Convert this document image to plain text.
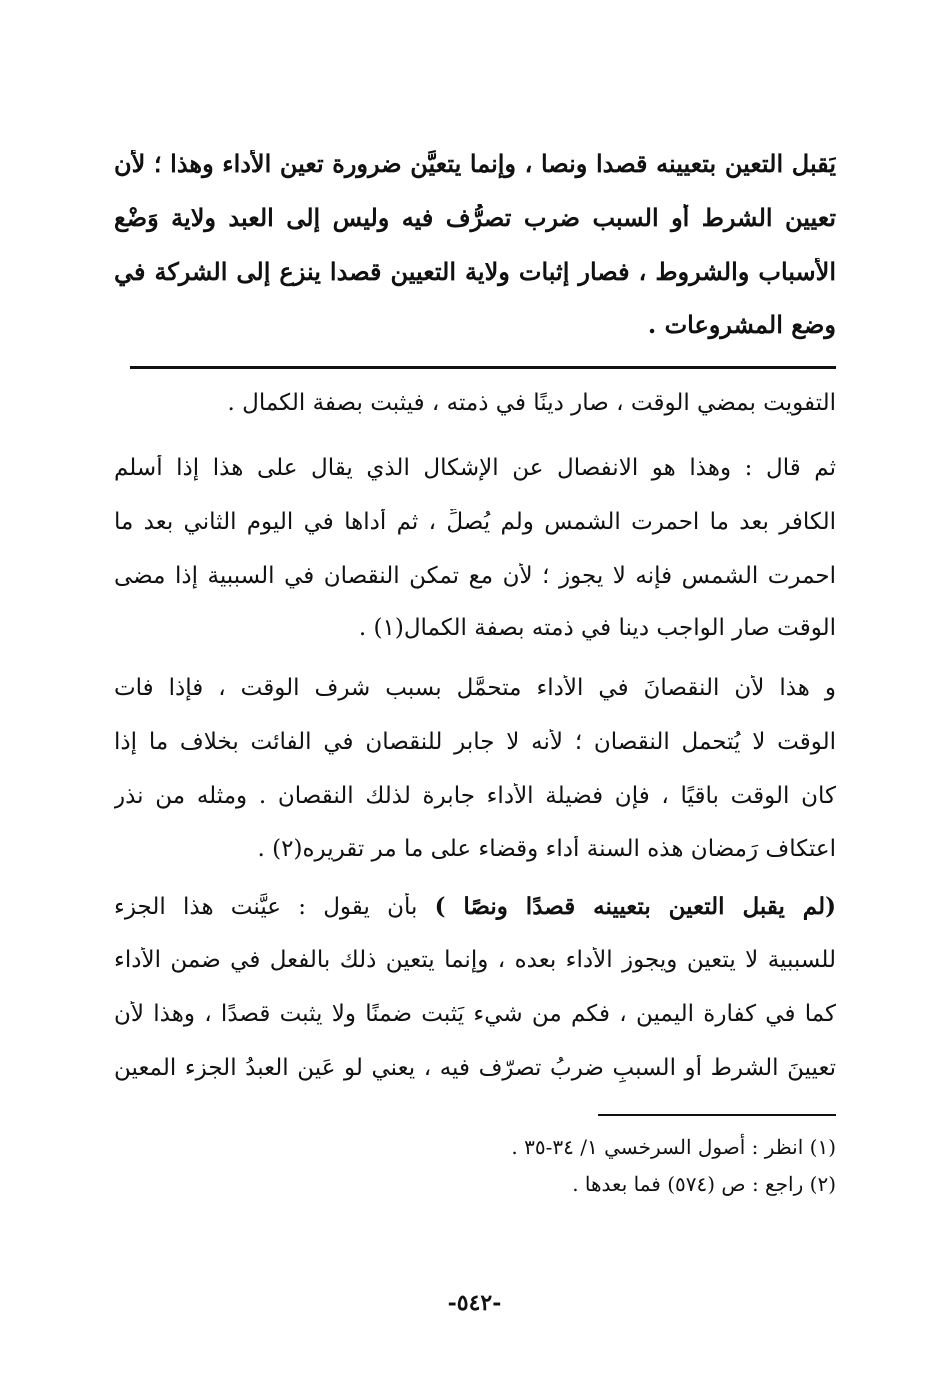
يَقبل التعين بتعيينه قصدا ونصا ، وإنما يتعيَّن ضرورة تعين الأداء وهذا ؛ لأن
تعيين الشرط أو السبب ضرب تصرُّف فيه وليس إلى العبد ولاية وَضْعِ
الأسباب والشروط ، فصار إثبات ولاية التعيين قصدا ينزع إلى الشركة في
وضع المشروعات .
التفويت بمضي الوقت ، صار دينًا في ذمته ، فيثبت بصفة الكمال .
ثم قال : وهذا هو الانفصال عن الإشكال الذي يقال على هذا إذا أسلم
الكافر بعد ما احمرت الشمس ولم يُصلِّ ، ثم أداها في اليوم الثاني بعد ما
احمرت الشمس فإنه لا يجوز ؛ لأن مع تمكن النقصان في السببية إذا مضى
الوقت صار الواجب دينا في ذمته بصفة الكمال(١) .
و هذا لأن النقصانَ في الأداء متحمَّل بسبب شرف الوقت ، فإذا فات
الوقت لا يُتحمل النقصان ؛ لأنه لا جابر للنقصان في الفائت بخلاف ما إذا
كان الوقت باقيًا ، فإن فضيلة الأداء جابرة لذلك النقصان . ومثله من نذر
اعتكاف رَمضان هذه السنة أداء وقضاء على ما مر تقريره(٢) .
(لم يقبل التعين بتعيينه قصدًا ونصًا ) بأن يقول : عيَّنت هذا الجزء
للسببية لا يتعين ويجوز الأداء بعده ، وإنما يتعين ذلك بالفعل في ضمن الأداء
كما في كفارة اليمين ، فكم من شيء يَثبت ضمنًا ولا يثبت قصدًا ، وهذا لأن
تعيينَ الشرط أو السببِ ضربُ تصرّف فيه ، يعني لو عَين العبدُ الجزء المعين
(١) انظر : أصول السرخسي ١/ ٣٤-٣٥ .
(٢) راجع : ص (٥٧٤) فما بعدها .
-٥٤٢-
